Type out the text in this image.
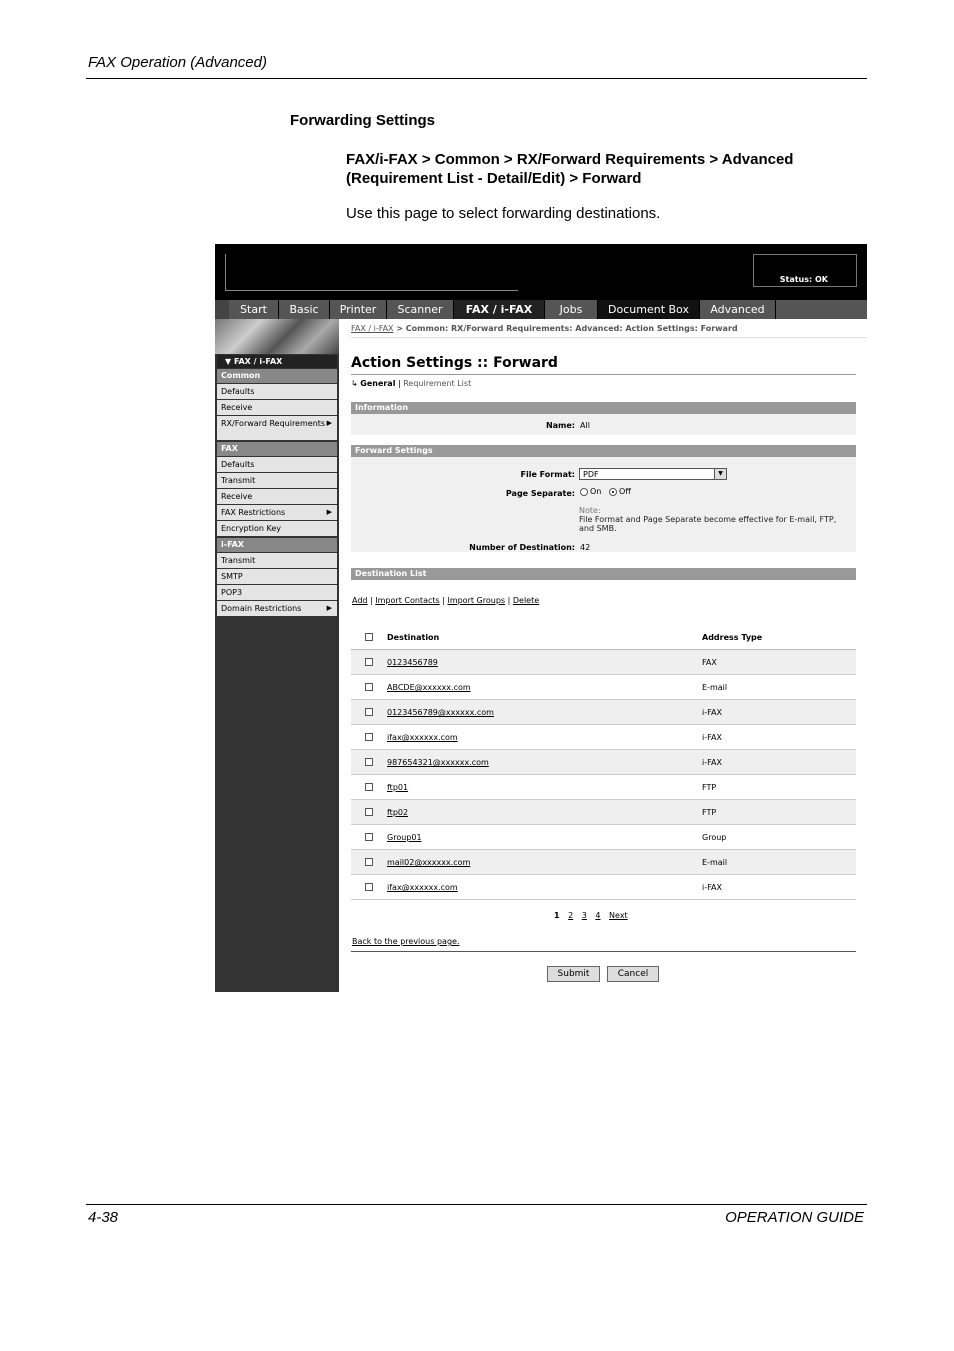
FAX Operation (Advanced)
Forwarding Settings
FAX/i-FAX > Common > RX/Forward Requirements > Advanced (Requirement List - Detail/Edit) > Forward
Use this page to select forwarding destinations.
Status: OK
Start	Basic	Printer	Scanner	FAX / i-FAX	Jobs	Document Box	Advanced
▼ FAX / i-FAX
Common
Defaults
Receive
RX/Forward Requirements ▶
FAX
Defaults
Transmit
Receive
FAX Restrictions	▶
Encryption Key
i-FAX
Transmit
SMTP
POP3
Domain Restrictions	▶
FAX / i-FAX > Common: RX/Forward Requirements: Advanced: Action Settings: Forward
Action Settings :: Forward
↳ General | Requirement List
Information
Name: All
Forward Settings
File Format:	PDF	▼
Page Separate:	On Off
Note:
File Format and Page Separate become effective for E-mail, FTP, and SMB.
Number of Destination: 42
Destination List
Add | Import Contacts | Import Groups | Delete
Destination	Address Type
0123456789	FAX
ABCDE@xxxxxx.com	E-mail
0123456789@xxxxxx.com	i-FAX
ifax@xxxxxx.com	i-FAX
987654321@xxxxxx.com	i-FAX
ftp01	FTP
ftp02	FTP
Group01	Group
mail02@xxxxxx.com	E-mail
ifax@xxxxxx.com	i-FAX
1 2 3 4 Next
Back to the previous page.
Submit	Cancel
4-38	OPERATION GUIDE
